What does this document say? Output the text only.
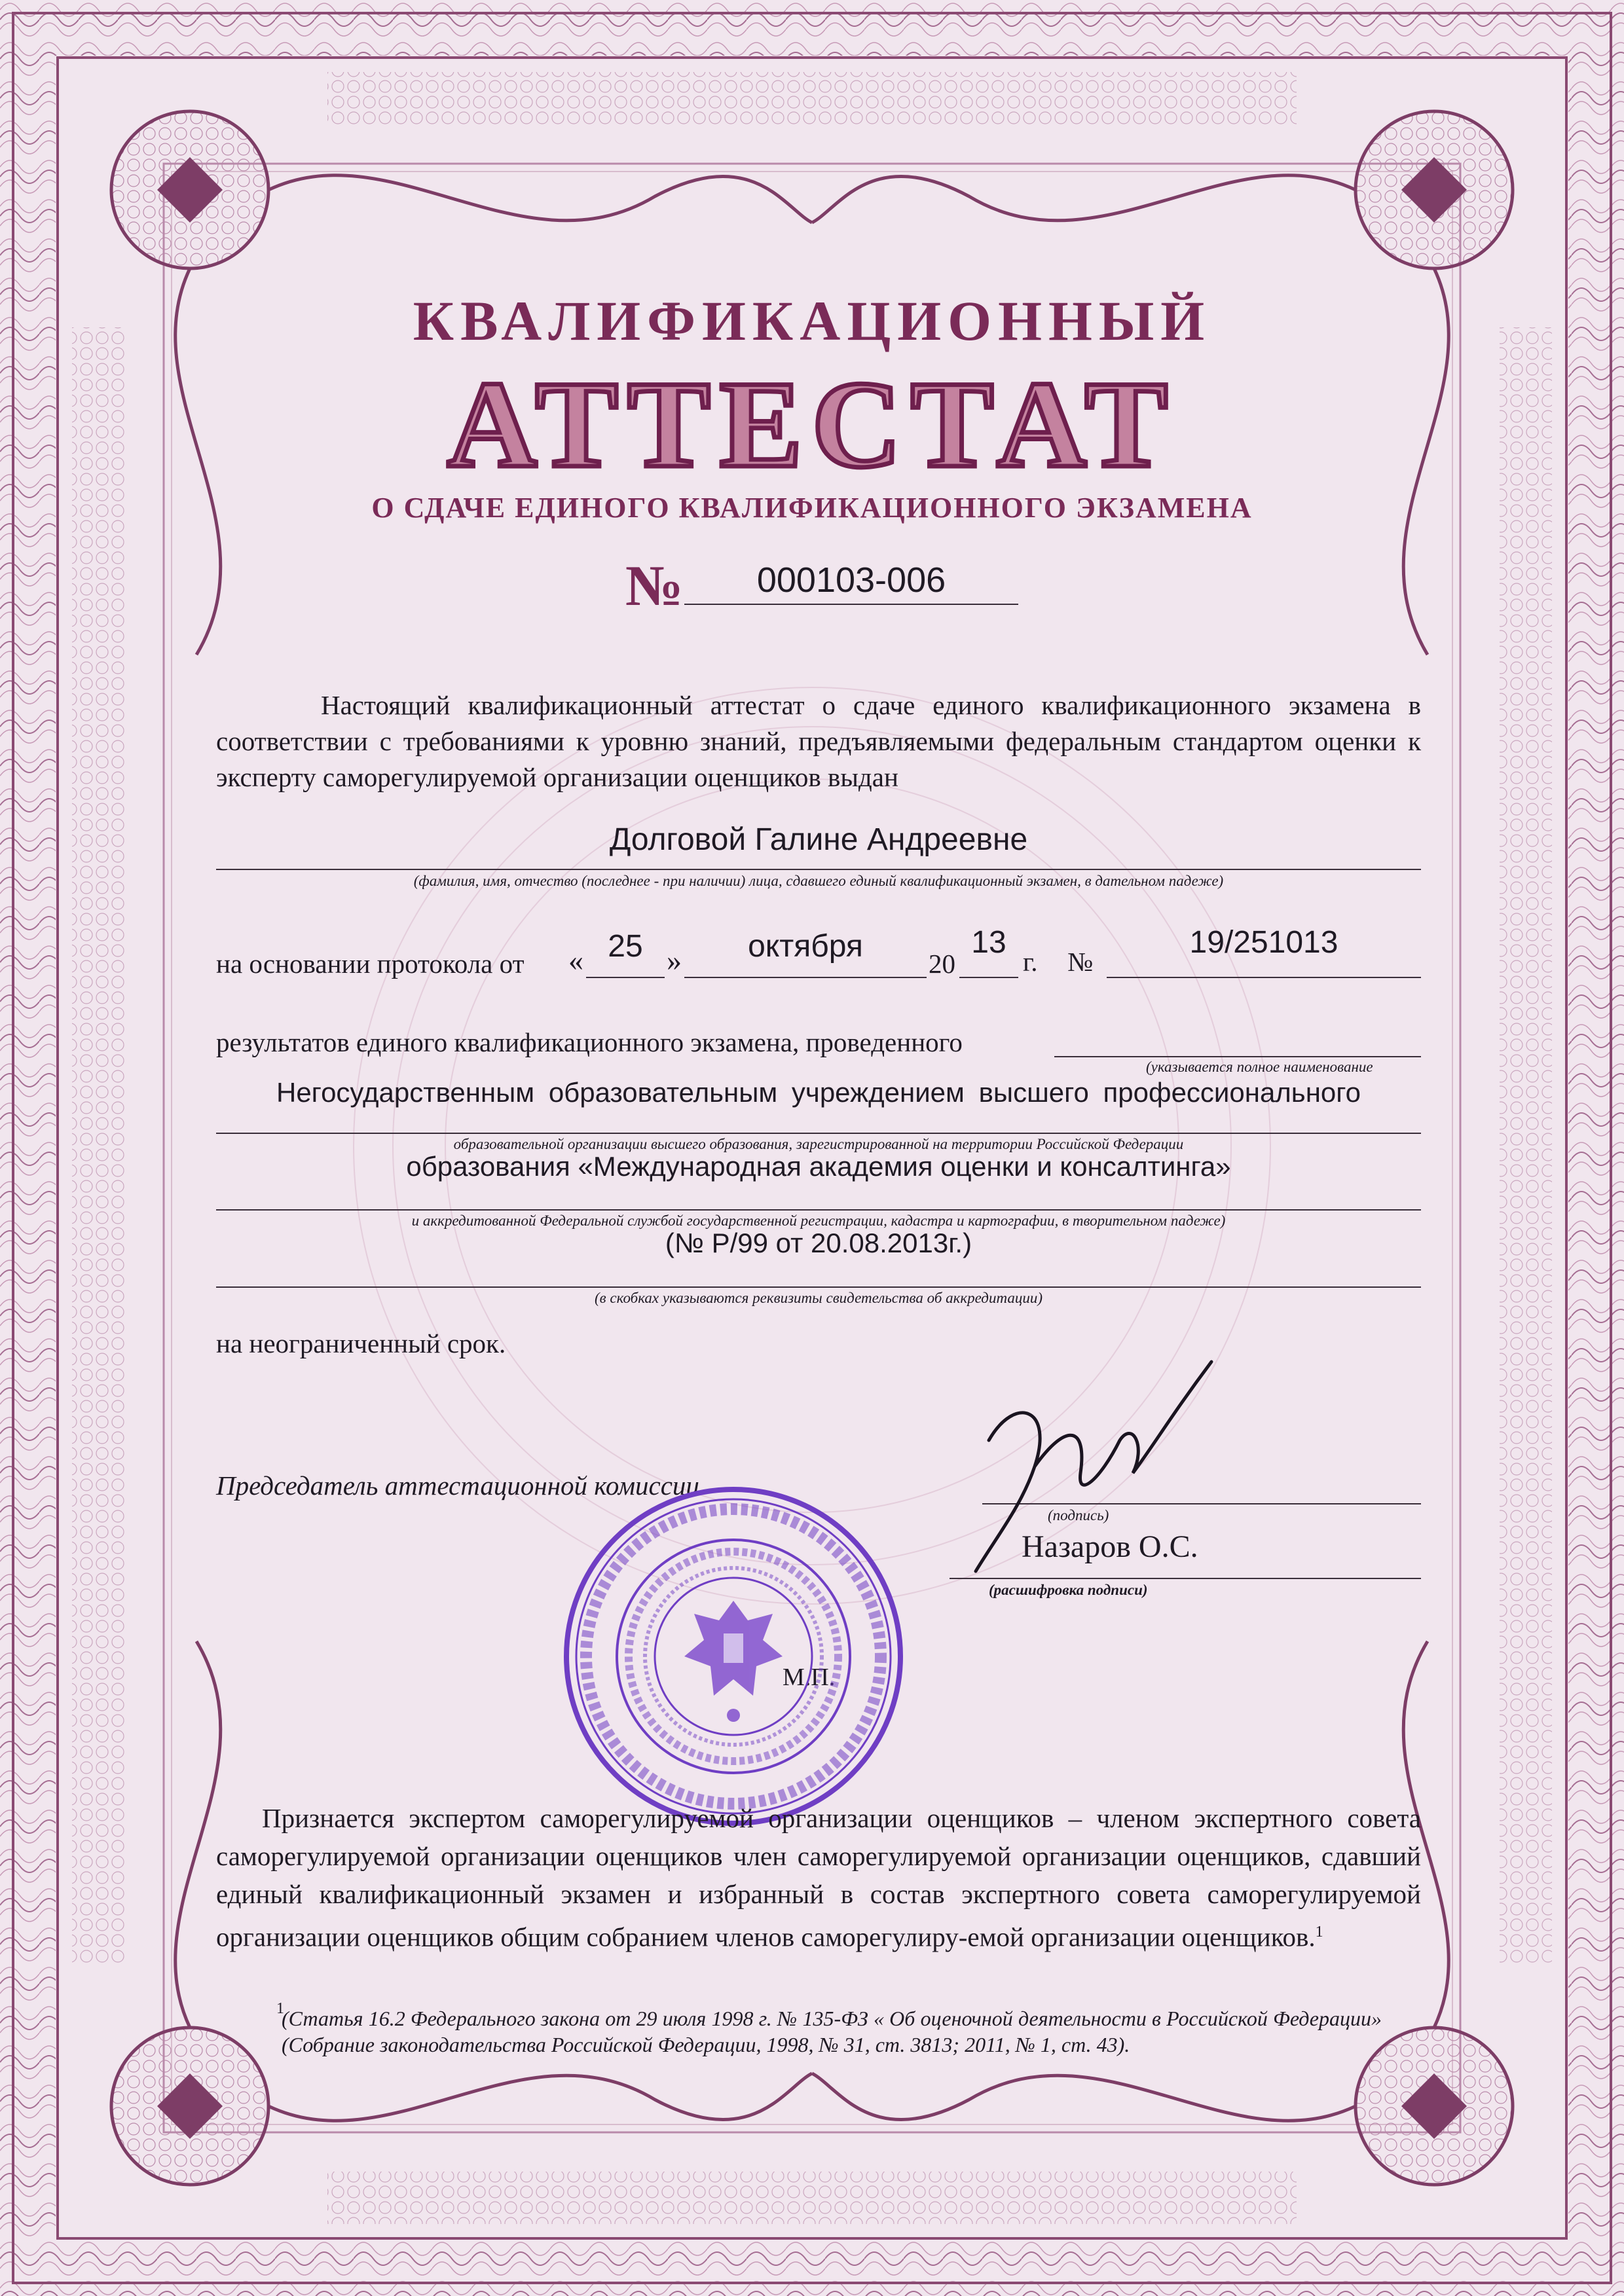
КВАЛИФИКАЦИОННЫЙ
АТТЕСТАТ
О СДАЧЕ ЕДИНОГО КВАЛИФИКАЦИОННОГО ЭКЗАМЕНА
№	000103-006
Настоящий квалификационный аттестат о сдаче единого квалификационного экзамена в соответствии с требованиями к уровню знаний, предъявляемыми федеральным стандартом оценки к эксперту саморегулируемой организации оценщиков выдан
Долговой Галине Андреевне
(фамилия, имя, отчество (последнее - при наличии) лица, сдавшего единый квалификационный экзамен, в дательном падеже)
на основании протокола от « 25 »	октября	20
13
г. №
19/251013
результатов единого квалификационного экзамена, проведенного
(указывается полное наименование
Негосударственным образовательным учреждением высшего профессионального
образовательной организации высшего образования, зарегистрированной на территории Российской Федерации
образования «Международная академия оценки и консалтинга»
и аккредитованной Федеральной службой государственной регистрации, кадастра и картографии, в творительном падеже)
(№ Р/99 от 20.08.2013г.)
(в скобках указываются реквизиты свидетельства об аккредитации)
на неограниченный срок.
Председатель аттестационной комиссии
(подпись)
Назаров О.С.
(расшифровка подписи)
М.П.
Признается экспертом саморегулируемой организации оценщиков – членом экспертного совета саморегулируемой организации оценщиков член саморегулируемой организации оценщиков, сдавший единый квалификационный экзамен и избранный в состав экспертного совета саморегулируемой организации оценщиков общим собранием членов саморегулиру-емой организации оценщиков.$^1$
1
(Статья 16.2 Федерального закона от 29 июля 1998 г. № 135-ФЗ « Об оценочной деятельности в Российской Федерации» (Собрание законодательства Российской Федерации, 1998, № 31, ст. 3813; 2011, № 1, ст. 43).
